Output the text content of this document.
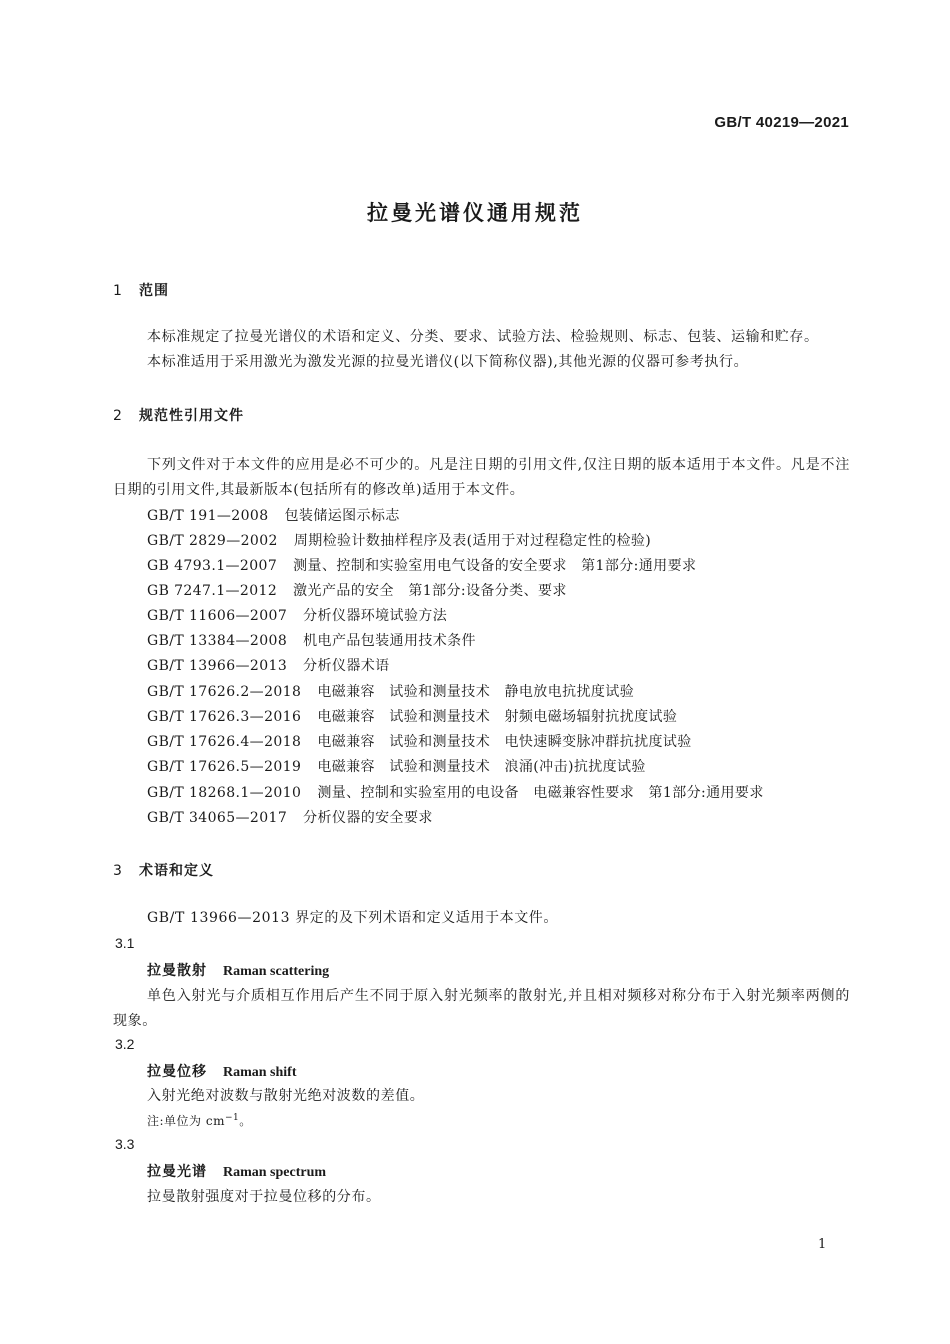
GB/T 40219—2021
拉曼光谱仪通用规范
1 范围
本标准规定了拉曼光谱仪的术语和定义、分类、要求、试验方法、检验规则、标志、包装、运输和贮存。
本标准适用于采用激光为激发光源的拉曼光谱仪(以下简称仪器),其他光源的仪器可参考执行。
2 规范性引用文件
下列文件对于本文件的应用是必不可少的。凡是注日期的引用文件,仅注日期的版本适用于本文件。凡是不注日期的引用文件,其最新版本(包括所有的修改单)适用于本文件。
GB/T 191—2008 包装储运图示标志
GB/T 2829—2002 周期检验计数抽样程序及表(适用于对过程稳定性的检验)
GB 4793.1—2007 测量、控制和实验室用电气设备的安全要求　第1部分:通用要求
GB 7247.1—2012 激光产品的安全　第1部分:设备分类、要求
GB/T 11606—2007 分析仪器环境试验方法
GB/T 13384—2008 机电产品包装通用技术条件
GB/T 13966—2013 分析仪器术语
GB/T 17626.2—2018 电磁兼容　试验和测量技术　静电放电抗扰度试验
GB/T 17626.3—2016 电磁兼容　试验和测量技术　射频电磁场辐射抗扰度试验
GB/T 17626.4—2018 电磁兼容　试验和测量技术　电快速瞬变脉冲群抗扰度试验
GB/T 17626.5—2019 电磁兼容　试验和测量技术　浪涌(冲击)抗扰度试验
GB/T 18268.1—2010 测量、控制和实验室用的电设备　电磁兼容性要求　第1部分:通用要求
GB/T 34065—2017 分析仪器的安全要求
3 术语和定义
GB/T 13966—2013 界定的及下列术语和定义适用于本文件。
3.1
拉曼散射 Raman scattering
单色入射光与介质相互作用后产生不同于原入射光频率的散射光,并且相对频移对称分布于入射光频率两侧的现象。
3.2
拉曼位移 Raman shift
入射光绝对波数与散射光绝对波数的差值。
注:单位为 $cm^{-1}$。
3.3
拉曼光谱 Raman spectrum
拉曼散射强度对于拉曼位移的分布。
1
